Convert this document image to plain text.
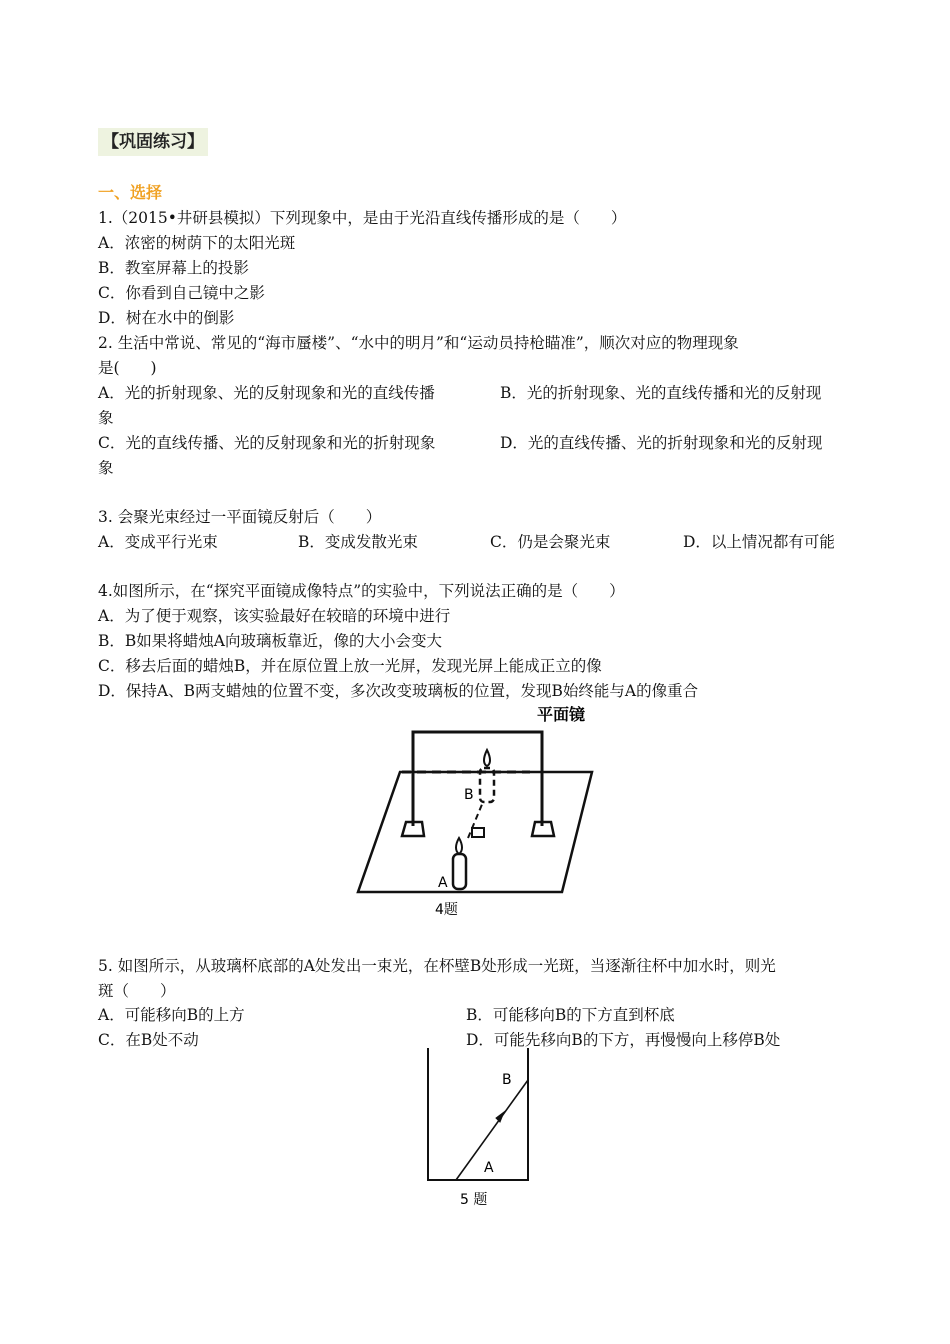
【巩固练习】
一、选择
1.（2015•井研县模拟）下列现象中，是由于光沿直线传播形成的是（　　）
A．浓密的树荫下的太阳光斑
B．教室屏幕上的投影
C．你看到自己镜中之影
D．树在水中的倒影
2. 生活中常说、常见的“海市蜃楼”、“水中的明月”和“运动员持枪瞄准”，顺次对应的物理现象
是(　　)
A．光的折射现象、光的反射现象和光的直线传播	B．光的折射现象、光的直线传播和光的反射现
象
C．光的直线传播、光的反射现象和光的折射现象	D．光的直线传播、光的折射现象和光的反射现
象
3. 会聚光束经过一平面镜反射后（　　）
A．变成平行光束	B．变成发散光束	C．仍是会聚光束	D．以上情况都有可能
4.如图所示，在“探究平面镜成像特点”的实验中，下列说法正确的是（　　）
A．为了便于观察，该实验最好在较暗的环境中进行
B．B如果将蜡烛A向玻璃板靠近，像的大小会变大
C．移去后面的蜡烛B，并在原位置上放一光屏，发现光屏上能成正立的像
D．保持A、B两支蜡烛的位置不变，多次改变玻璃板的位置，发现B始终能与A的像重合
平面镜
B
A
4题
5. 如图所示，从玻璃杯底部的A处发出一束光，在杯壁B处形成一光斑，当逐渐往杯中加水时，则光
斑（　　）
A．可能移向B的上方	B．可能移向B的下方直到杯底
C．在B处不动	D．可能先移向B的下方，再慢慢向上移停B处
B
A
5 题
